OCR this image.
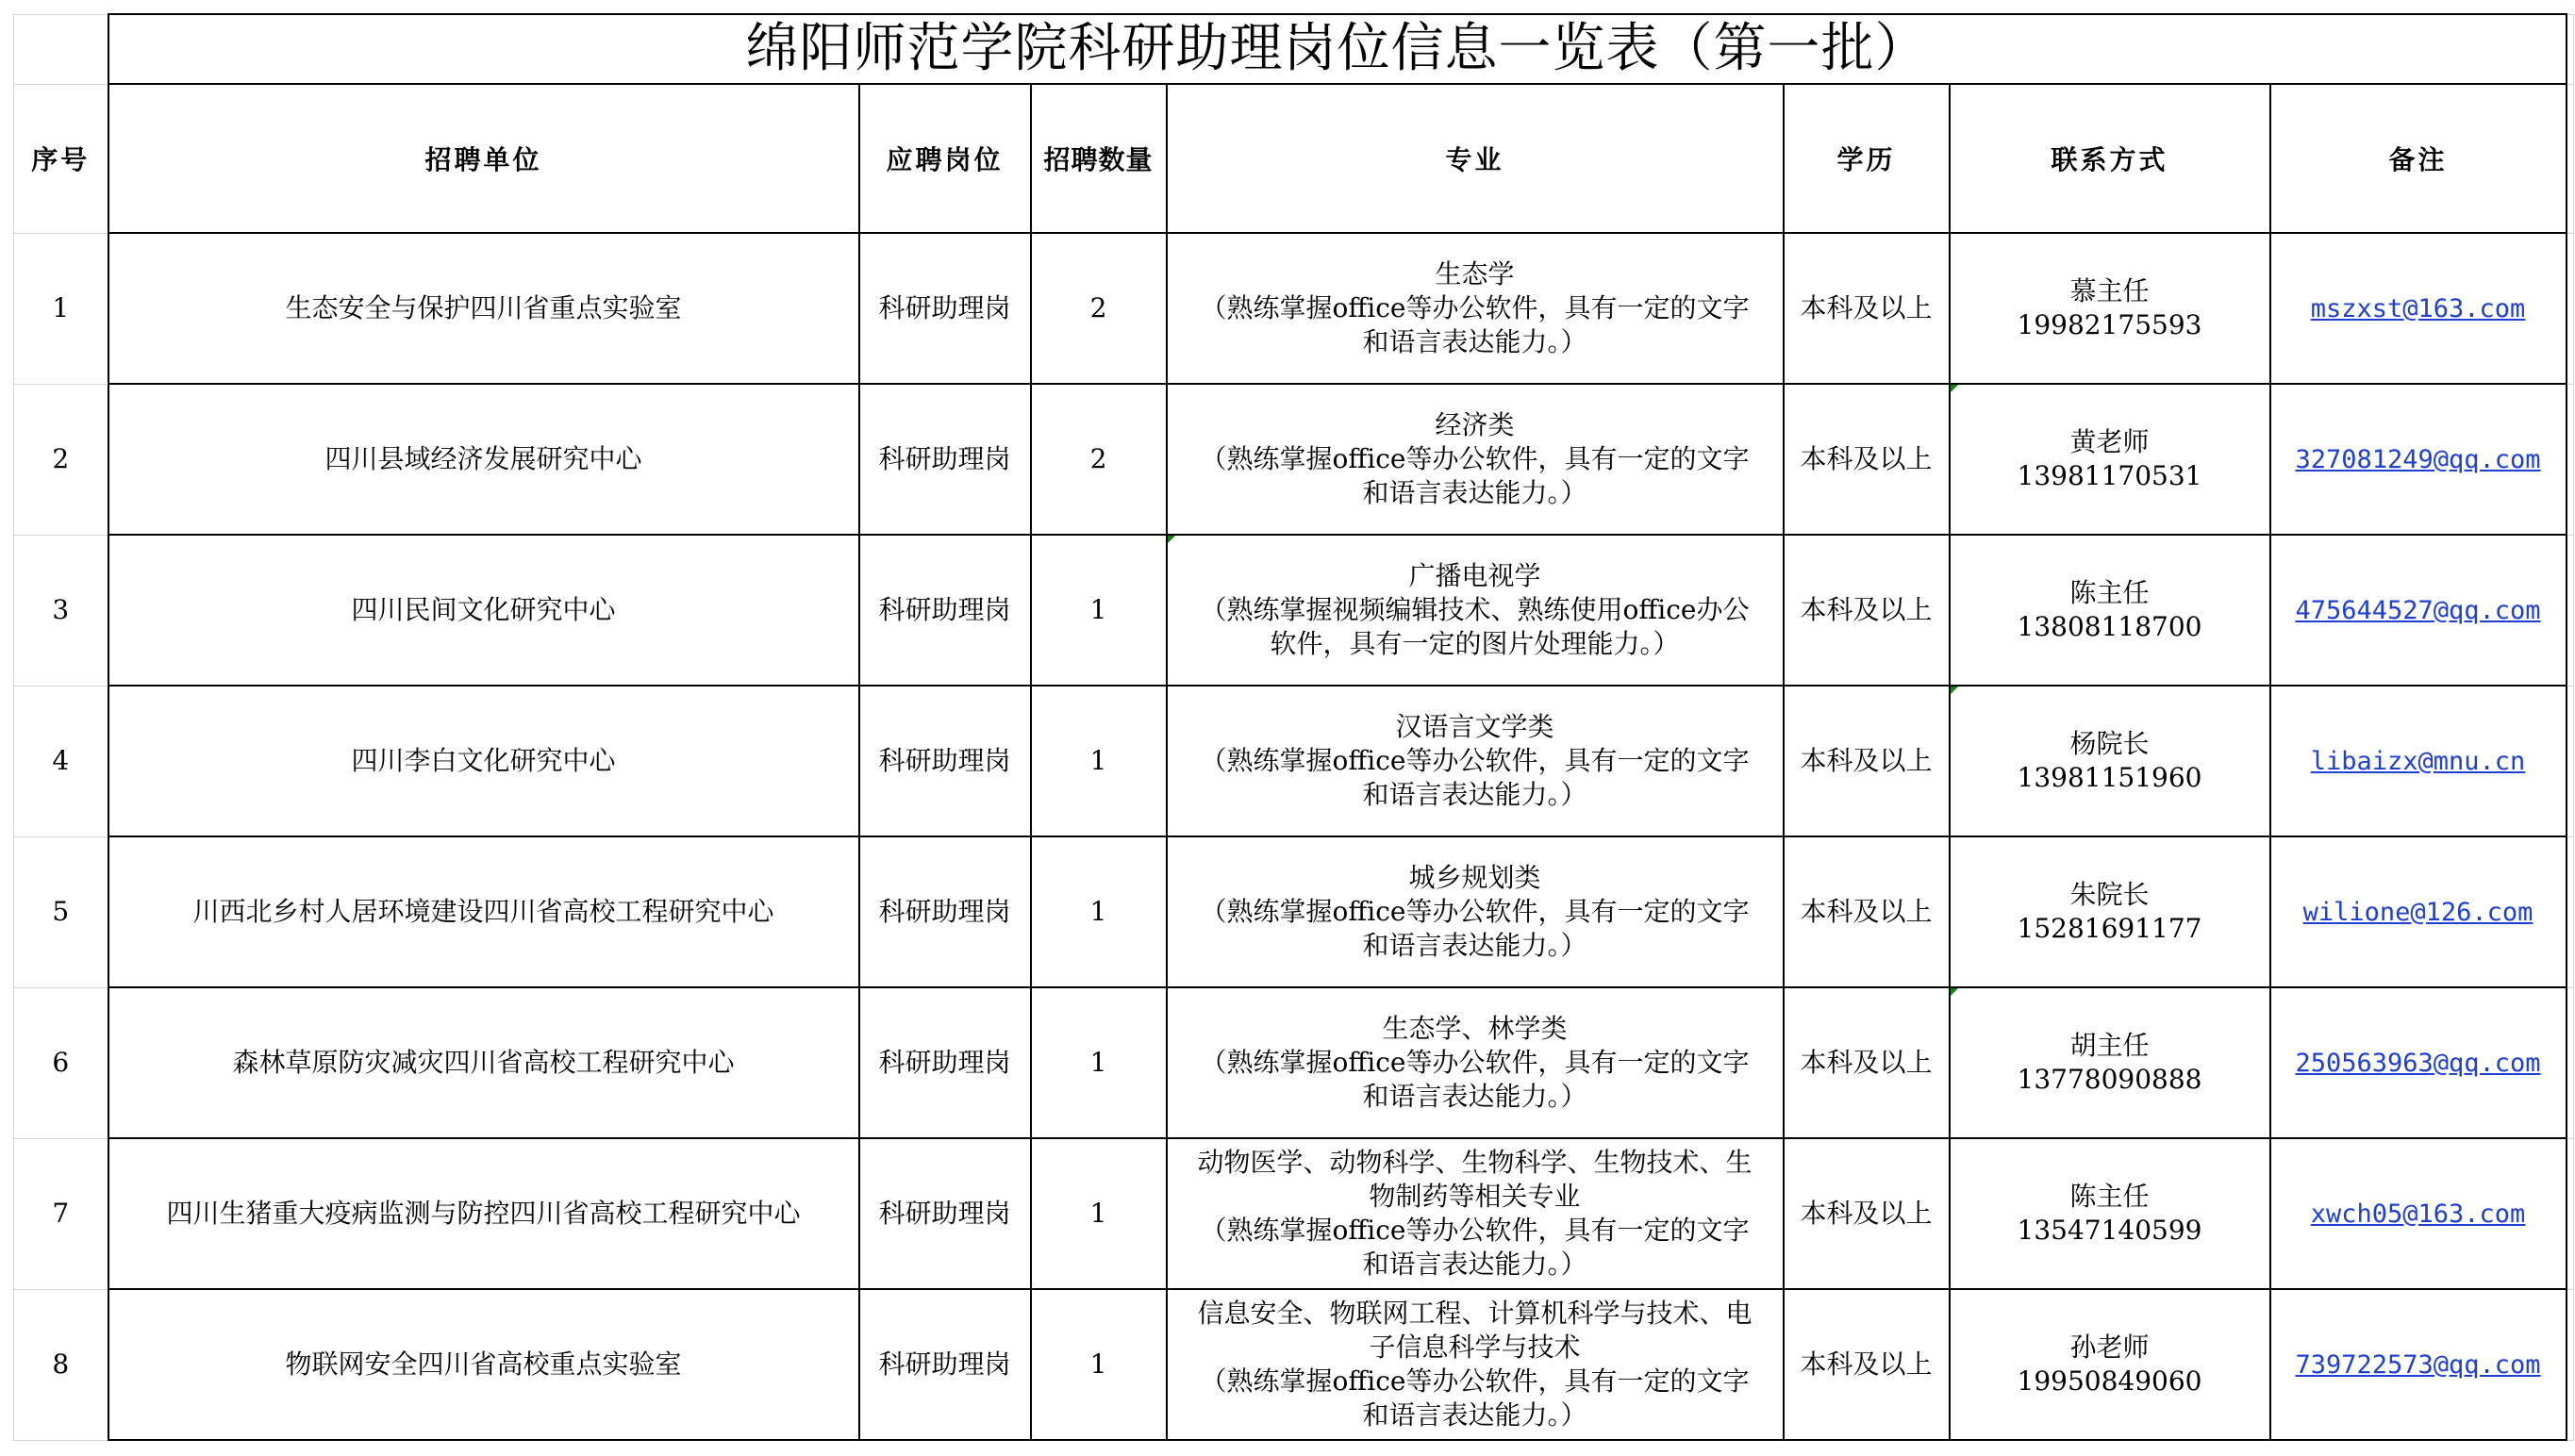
	绵阳师范学院科研助理岗位信息一览表（第一批）							
序号	招聘单位	应聘岗位	招聘数量	专业	学历	联系方式	备注	
1	生态安全与保护四川省重点实验室	科研助理岗	2	生态学
（熟练掌握office等办公软件，具有一定的文字
和语言表达能力。）	本科及以上	慕主任
19982175593	mszxst@163.com	
2	四川县域经济发展研究中心	科研助理岗	2	经济类
（熟练掌握office等办公软件，具有一定的文字
和语言表达能力。）	本科及以上	黄老师
13981170531	327081249@qq.com	
3	四川民间文化研究中心	科研助理岗	1	广播电视学
（熟练掌握视频编辑技术、熟练使用office办公
软件，具有一定的图片处理能力。）	本科及以上	陈主任
13808118700	475644527@qq.com	
4	四川李白文化研究中心	科研助理岗	1	汉语言文学类
（熟练掌握office等办公软件，具有一定的文字
和语言表达能力。）	本科及以上	杨院长
13981151960	libaizx@mnu.cn	
5	川西北乡村人居环境建设四川省高校工程研究中心	科研助理岗	1	城乡规划类
（熟练掌握office等办公软件，具有一定的文字
和语言表达能力。）	本科及以上	朱院长
15281691177	wilione@126.com	
6	森林草原防灾减灾四川省高校工程研究中心	科研助理岗	1	生态学、林学类
（熟练掌握office等办公软件，具有一定的文字
和语言表达能力。）	本科及以上	胡主任
13778090888	250563963@qq.com	
7	四川生猪重大疫病监测与防控四川省高校工程研究中心	科研助理岗	1	动物医学、动物科学、生物科学、生物技术、生
物制药等相关专业
（熟练掌握office等办公软件，具有一定的文字
和语言表达能力。）	本科及以上	陈主任
13547140599	xwch05@163.com	
8	物联网安全四川省高校重点实验室	科研助理岗	1	信息安全、物联网工程、计算机科学与技术、电
子信息科学与技术
（熟练掌握office等办公软件，具有一定的文字
和语言表达能力。）	本科及以上	孙老师
19950849060	739722573@qq.com	
